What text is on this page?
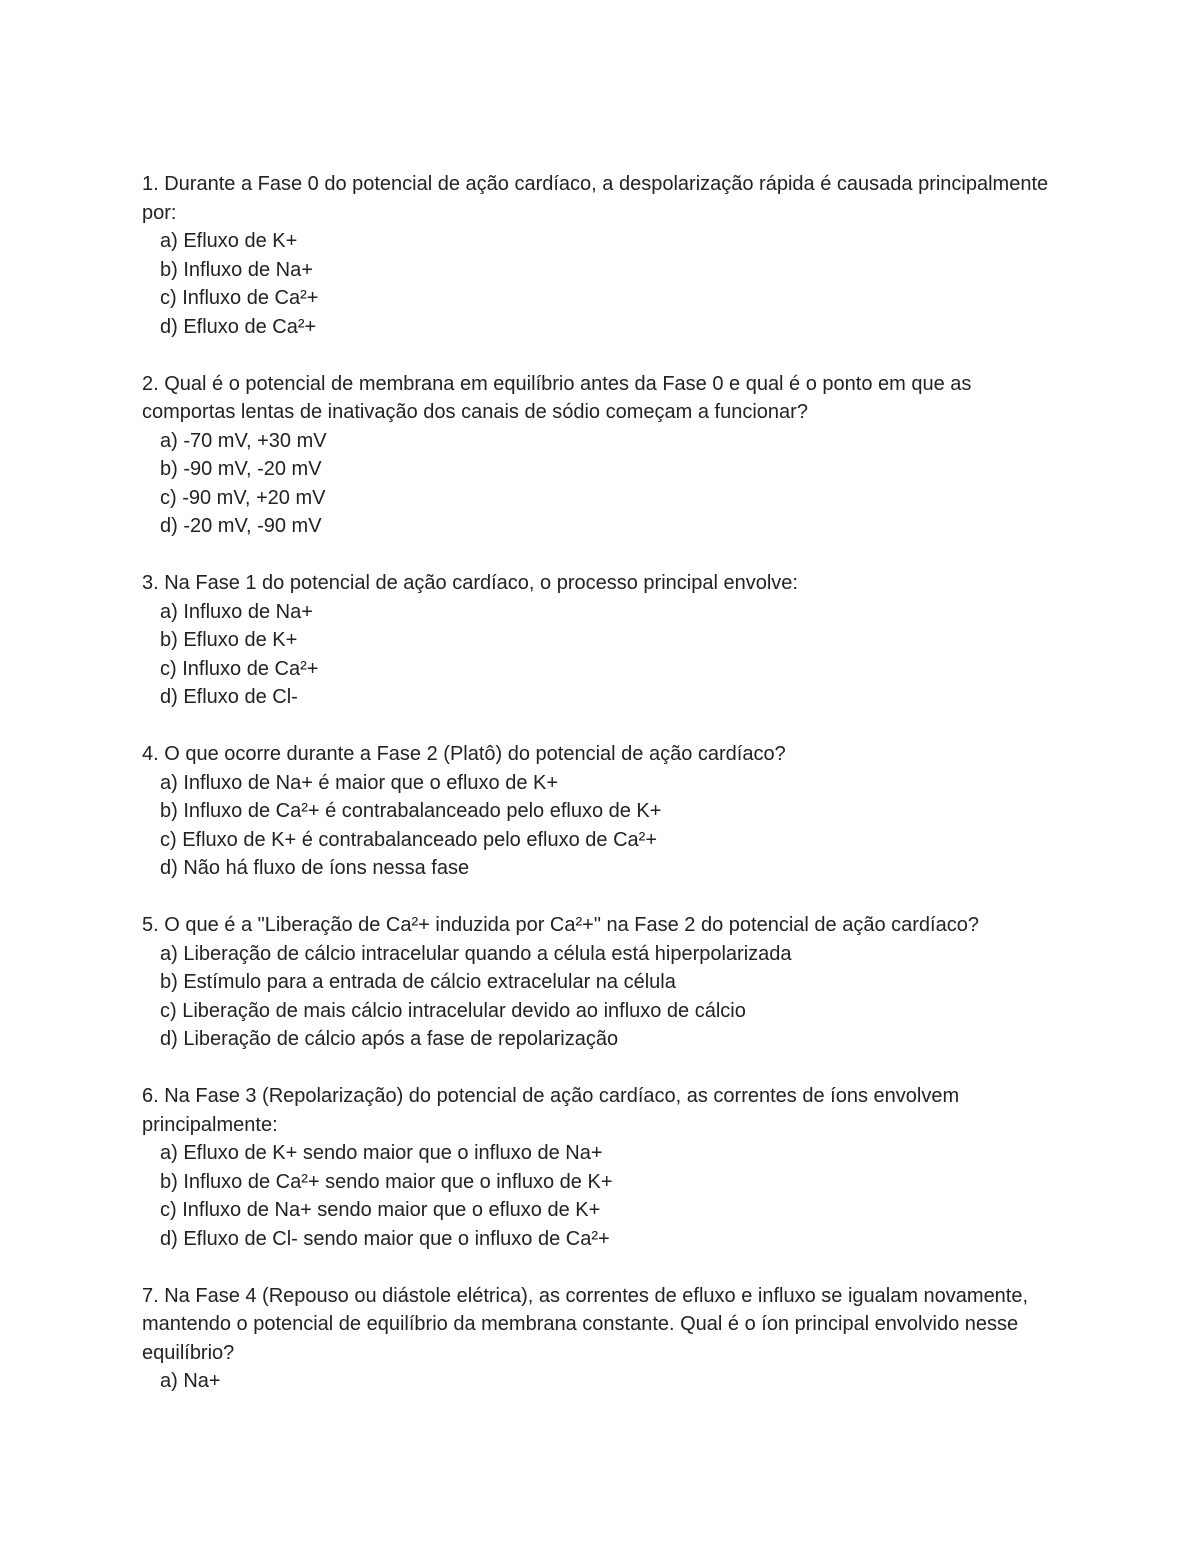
1. Durante a Fase 0 do potencial de ação cardíaco, a despolarização rápida é causada principalmente por:

a) Efluxo de K+
b) Influxo de Na+
c) Influxo de Ca²+
d) Efluxo de Ca²+

2. Qual é o potencial de membrana em equilíbrio antes da Fase 0 e qual é o ponto em que as comportas lentas de inativação dos canais de sódio começam a funcionar?

a) -70 mV, +30 mV
b) -90 mV, -20 mV
c) -90 mV, +20 mV
d) -20 mV, -90 mV

3. Na Fase 1 do potencial de ação cardíaco, o processo principal envolve:

a) Influxo de Na+
b) Efluxo de K+
c) Influxo de Ca²+
d) Efluxo de Cl-

4. O que ocorre durante a Fase 2 (Platô) do potencial de ação cardíaco?

a) Influxo de Na+ é maior que o efluxo de K+
b) Influxo de Ca²+ é contrabalanceado pelo efluxo de K+
c) Efluxo de K+ é contrabalanceado pelo efluxo de Ca²+
d) Não há fluxo de íons nessa fase

5. O que é a "Liberação de Ca²+ induzida por Ca²+" na Fase 2 do potencial de ação cardíaco?

a) Liberação de cálcio intracelular quando a célula está hiperpolarizada
b) Estímulo para a entrada de cálcio extracelular na célula
c) Liberação de mais cálcio intracelular devido ao influxo de cálcio
d) Liberação de cálcio após a fase de repolarização

6. Na Fase 3 (Repolarização) do potencial de ação cardíaco, as correntes de íons envolvem principalmente:

a) Efluxo de K+ sendo maior que o influxo de Na+
b) Influxo de Ca²+ sendo maior que o influxo de K+
c) Influxo de Na+ sendo maior que o efluxo de K+
d) Efluxo de Cl- sendo maior que o influxo de Ca²+

7. Na Fase 4 (Repouso ou diástole elétrica), as correntes de efluxo e influxo se igualam novamente, mantendo o potencial de equilíbrio da membrana constante. Qual é o íon principal envolvido nesse equilíbrio?

a) Na+
